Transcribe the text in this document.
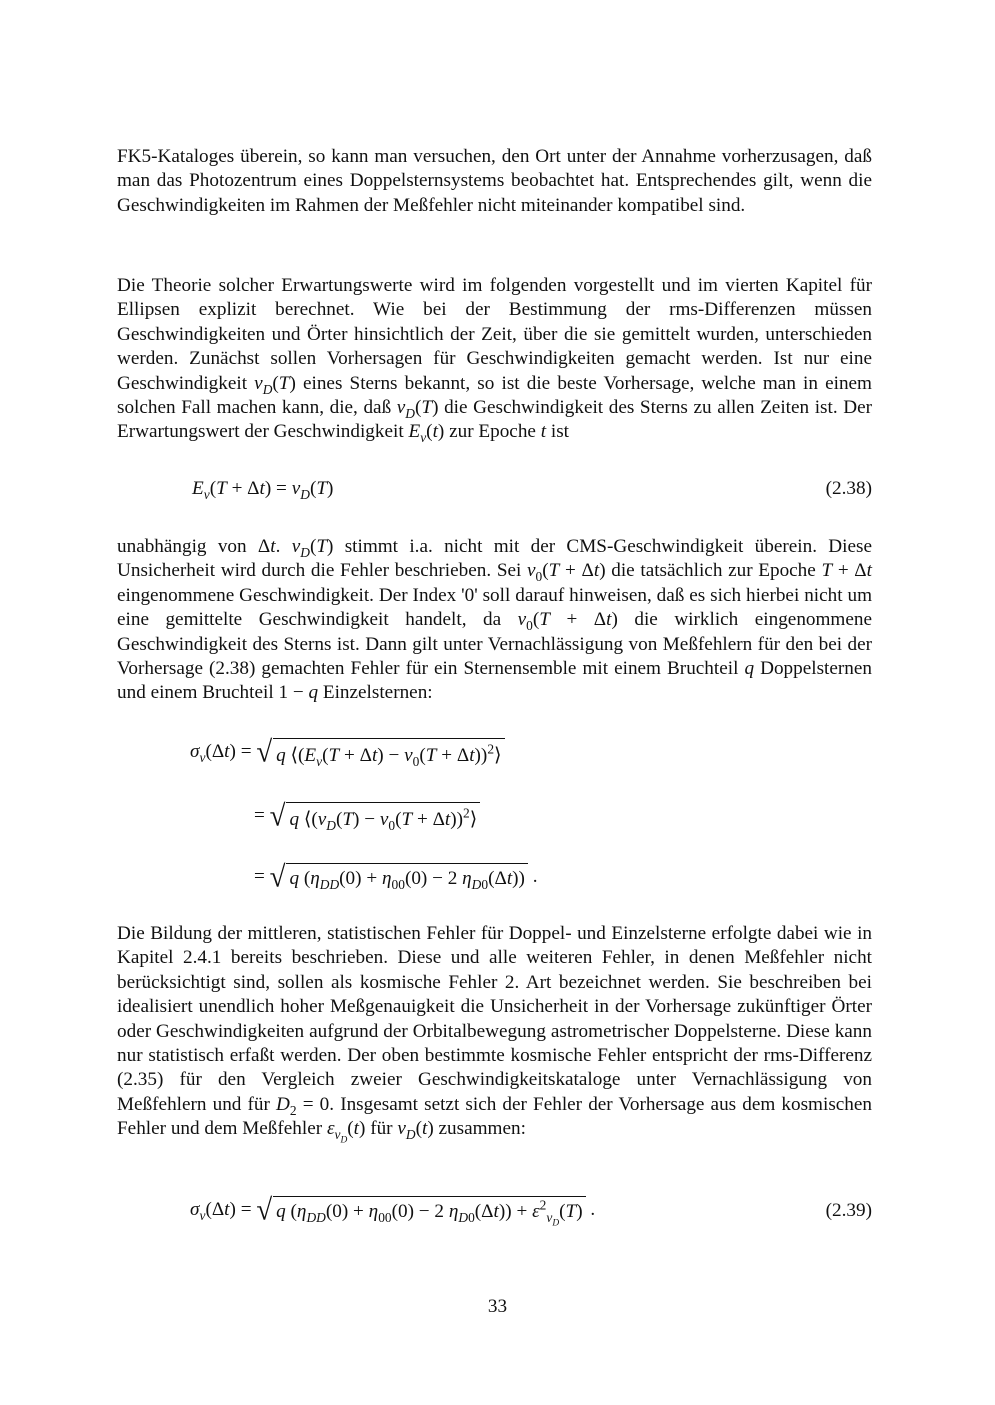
FK5-Kataloges überein, so kann man versuchen, den Ort unter der Annahme vorherzusagen, daß man das Photozentrum eines Doppelsternsystems beobachtet hat. Entsprechendes gilt, wenn die Geschwindigkeiten im Rahmen der Meßfehler nicht miteinander kompatibel sind.

Die Theorie solcher Erwartungswerte wird im folgenden vorgestellt und im vierten Kapitel für Ellipsen explizit berechnet. Wie bei der Bestimmung der rms-Differenzen müssen Geschwindigkeiten und Örter hinsichtlich der Zeit, über die sie gemittelt wurden, unterschieden werden. Zunächst sollen Vorhersagen für Geschwindigkeiten gemacht werden. Ist nur eine Geschwindigkeit $v_D(T)$ eines Sterns bekannt, so ist die beste Vorhersage, welche man in einem solchen Fall machen kann, die, daß $v_D(T)$ die Geschwindigkeit des Sterns zu allen Zeiten ist. Der Erwartungswert der Geschwindigkeit $E_v(t)$ zur Epoche t ist

$E_v(T + \Delta t) = v_D(T)$	(2.38)

unabhängig von Δt. $v_D(T)$ stimmt i.a. nicht mit der CMS-Geschwindigkeit überein. Diese Unsicherheit wird durch die Fehler beschrieben. Sei $v_0(T + \Delta t)$ die tatsächlich zur Epoche T + Δt eingenommene Geschwindigkeit. Der Index '0' soll darauf hinweisen, daß es sich hierbei nicht um eine gemittelte Geschwindigkeit handelt, da $v_0(T + \Delta t)$ die wirklich eingenommene Geschwindigkeit des Sterns ist. Dann gilt unter Vernachlässigung von Meßfehlern für den bei der Vorhersage (2.38) gemachten Fehler für ein Sternensemble mit einem Bruchteil q Doppelsternen und einem Bruchteil 1 − q Einzelsternen:

$\sigma_v(\Delta t)$ = √ q $⟨(E_v(T + \Delta t) - v_0(T$ + Δt))$^2$⟩
= √ q $⟨(v_D(T) - v_0(T$ + Δt))$^2$⟩
= √ q ($\eta_{DD}(0) + \eta_{00}(0) - 2$ $\eta_{D0}(\Delta t)$) .

Die Bildung der mittleren, statistischen Fehler für Doppel- und Einzelsterne erfolgte dabei wie in Kapitel 2.4.1 bereits beschrieben. Diese und alle weiteren Fehler, in denen Meßfehler nicht berücksichtigt sind, sollen als kosmische Fehler 2. Art bezeichnet werden. Sie beschreiben bei idealisiert unendlich hoher Meßgenauigkeit die Unsicherheit in der Vorhersage zukünftiger Örter oder Geschwindigkeiten aufgrund der Orbitalbewegung astrometrischer Doppelsterne. Diese kann nur statistisch erfaßt werden. Der oben bestimmte kosmische Fehler entspricht der rms-Differenz (2.35) für den Vergleich zweier Geschwindigkeitskataloge unter Vernachlässigung von Meßfehlern und für $D_2 = 0$. Insgesamt setzt sich der Fehler der Vorhersage aus dem kosmischen Fehler und dem Meßfehler $\varepsilon_{v_D}(t)$ für $v_D(t)$ zusammen:

$\sigma_v(\Delta t)$ = √ q ($\eta_{DD}(0) + \eta_{00}(0) - 2$ $\eta_{D0}(\Delta t)) + \varepsilon^2_{v_D}(T)$ .	(2.39)
33
